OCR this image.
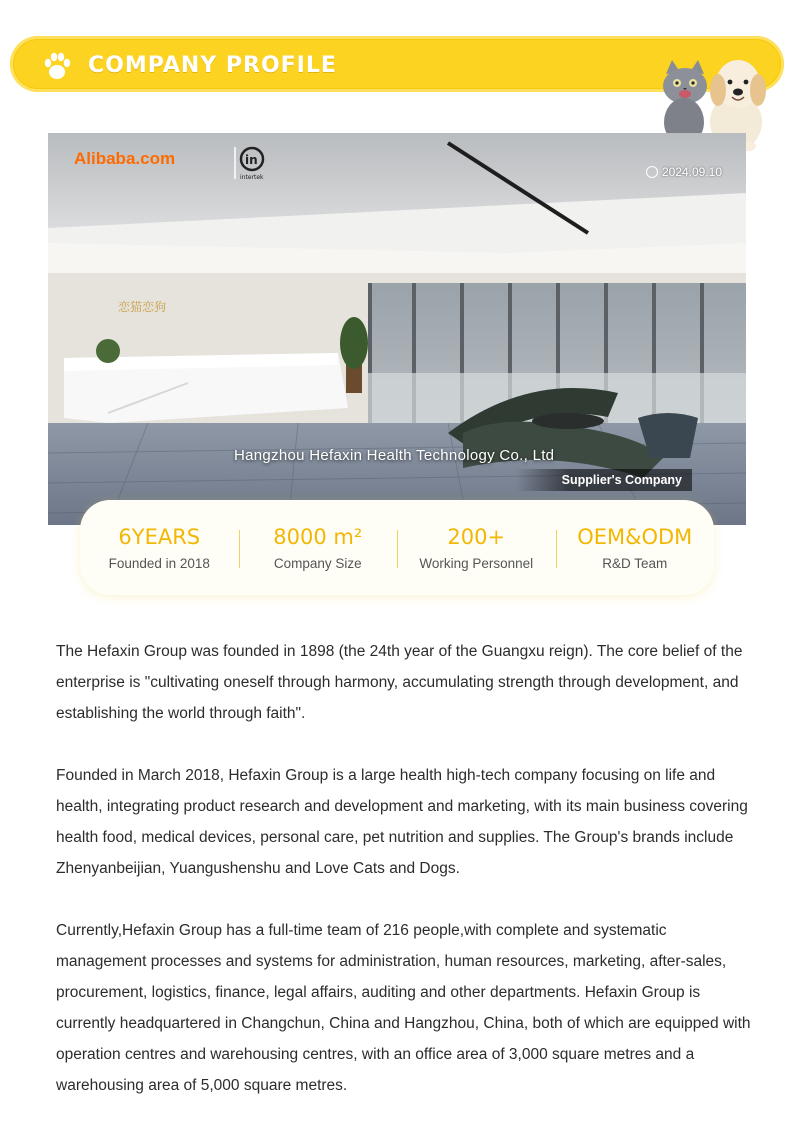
COMPANY PROFILE
恋猫恋狗
Alibaba.com	in
intertek	2024.09.10
Hangzhou Hefaxin Health Technology Co., Ltd
Supplier's Company
6YEARS
Founded in 2018
8000 m²
Company Size
200+
Working Personnel
OEM&ODM
R&D Team

The Hefaxin Group was founded in 1898 (the 24th year of the Guangxu reign). The core belief of the enterprise is "cultivating oneself through harmony, accumulating strength through development, and establishing the world through faith".

Founded in March 2018, Hefaxin Group is a large health high-tech company focusing on life and health, integrating product research and development and marketing, with its main business covering health food, medical devices, personal care, pet nutrition and supplies. The Group's brands include Zhenyanbeijian, Yuangushenshu and Love Cats and Dogs.

Currently,Hefaxin Group has a full-time team of 216 people,with complete and systematic management processes and systems for administration, human resources, marketing, after-sales, procurement, logistics, finance, legal affairs, auditing and other departments. Hefaxin Group is currently headquartered in Changchun, China and Hangzhou, China, both of which are equipped with operation centres and warehousing centres, with an office area of 3,000 square metres and a warehousing area of 5,000 square metres.
